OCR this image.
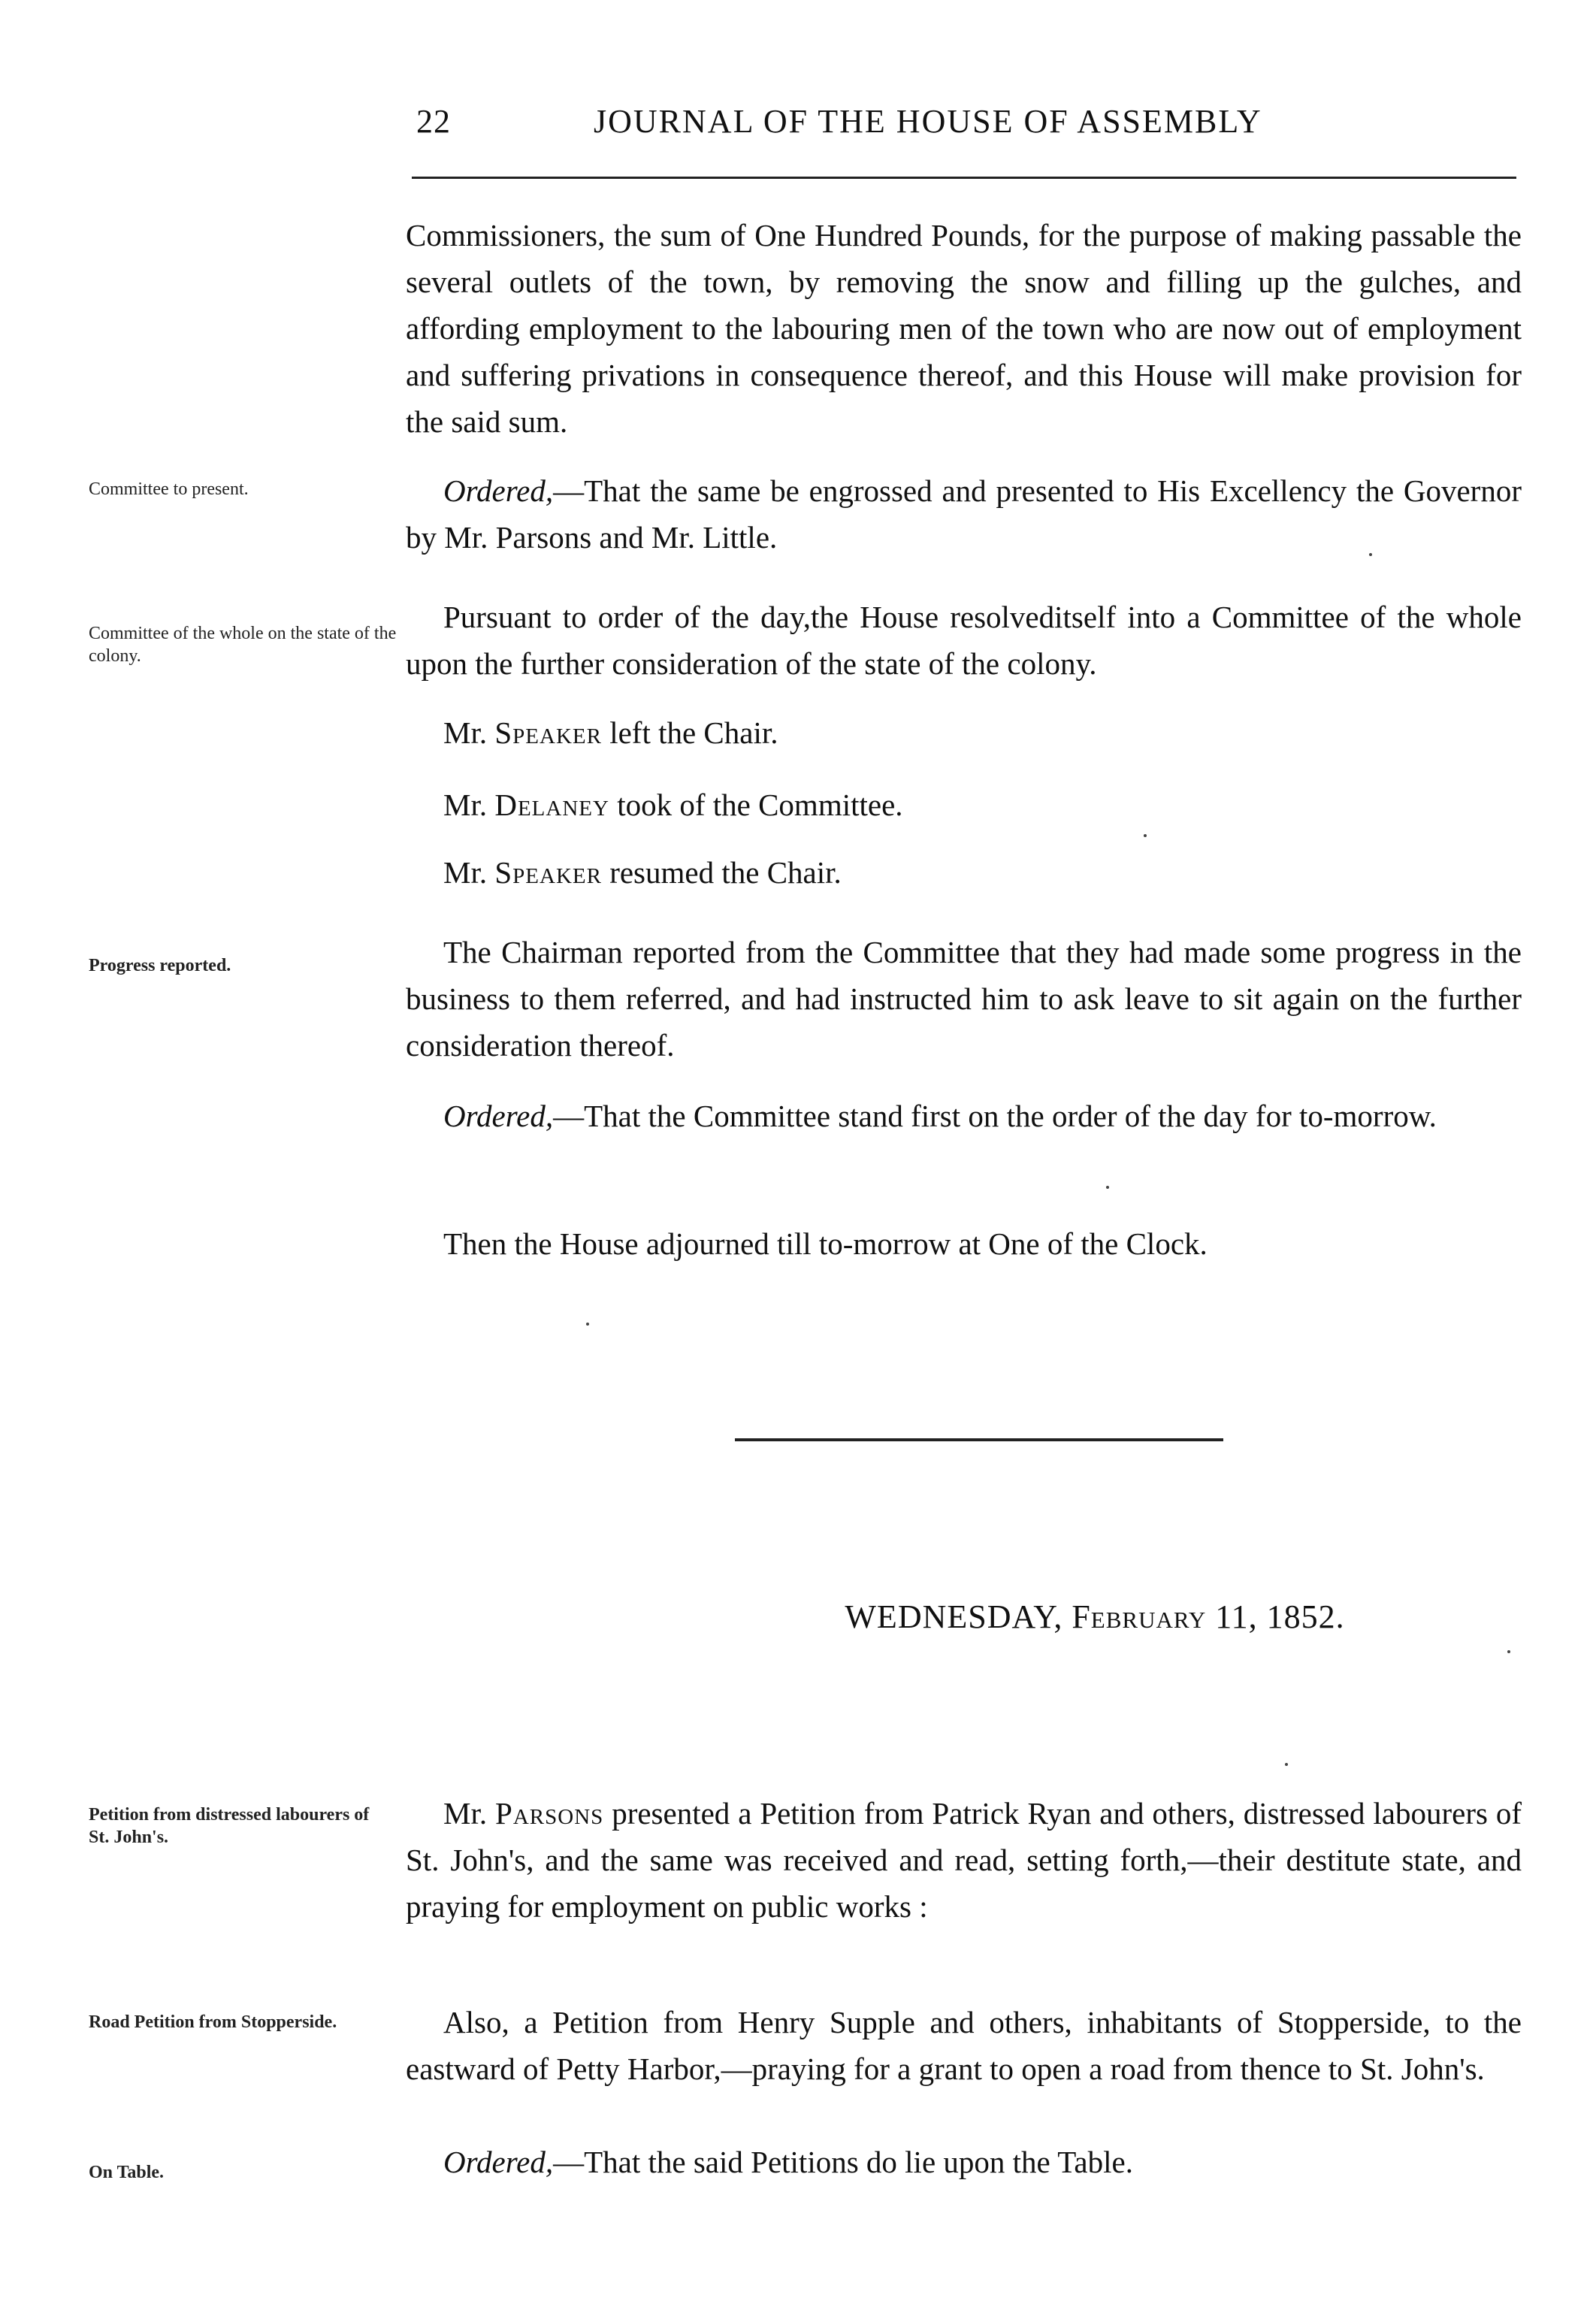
22	JOURNAL OF THE HOUSE OF ASSEMBLY
Commissioners, the sum of One Hundred Pounds, for the purpose of making passable the several outlets of the town, by removing the snow and filling up the gulches, and affording employment to the labouring men of the town who are now out of employment and suffering privations in consequence thereof, and this House will make provision for the said sum.
Committee to present.	Ordered,—That the same be engrossed and presented to His Excellency the Governor by Mr. Parsons and Mr. Little.
Committee of the whole on the state of the colony.
Pursuant to order of the day,the House resolveditself into a Committee of the whole upon the further consideration of the state of the colony.
Mr. Speaker left the Chair.
Mr. Delaney took of the Committee.
Mr. Speaker resumed the Chair.
Progress reported.	The Chairman reported from the Committee that they had made some progress in the business to them referred, and had instructed him to ask leave to sit again on the further consideration thereof.
Ordered,—That the Committee stand first on the order of the day for to-morrow.
Then the House adjourned till to-morrow at One of the Clock.
WEDNESDAY, February 11, 1852.
Petition from distressed labourers of St. John's.
Mr. Parsons presented a Petition from Patrick Ryan and others, distressed labourers of St. John's, and the same was received and read, setting forth,—their destitute state, and praying for employment on public works :
Road Petition from Stopperside.	Also, a Petition from Henry Supple and others, inhabitants of Stopperside, to the eastward of Petty Harbor,—praying for a grant to open a road from thence to St. John's.
On Table.	Ordered,—That the said Petitions do lie upon the Table.
